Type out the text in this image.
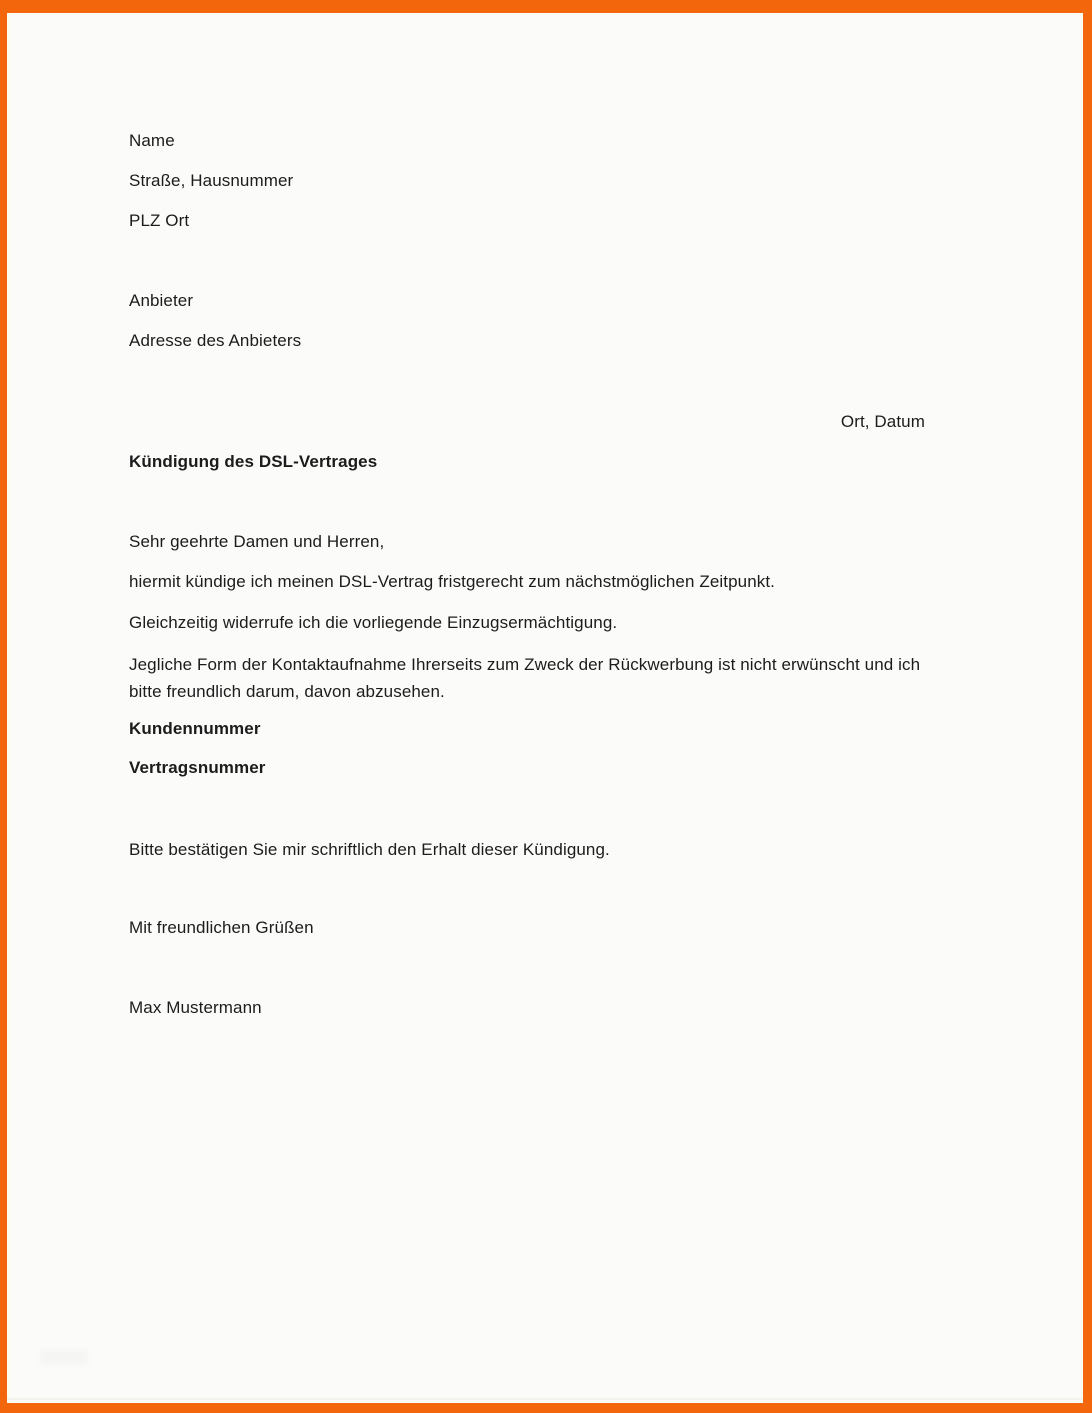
Name

Straße, Hausnummer

PLZ Ort

Anbieter

Adresse des Anbieters

Ort, Datum

Kündigung des DSL-Vertrages

Sehr geehrte Damen und Herren,

hiermit kündige ich meinen DSL-Vertrag fristgerecht zum nächstmöglichen Zeitpunkt.

Gleichzeitig widerrufe ich die vorliegende Einzugsermächtigung.

Jegliche Form der Kontaktaufnahme Ihrerseits zum Zweck der Rückwerbung ist nicht erwünscht und ich
bitte freundlich darum, davon abzusehen.

Kundennummer

Vertragsnummer

Bitte bestätigen Sie mir schriftlich den Erhalt dieser Kündigung.

Mit freundlichen Grüßen

Max Mustermann
